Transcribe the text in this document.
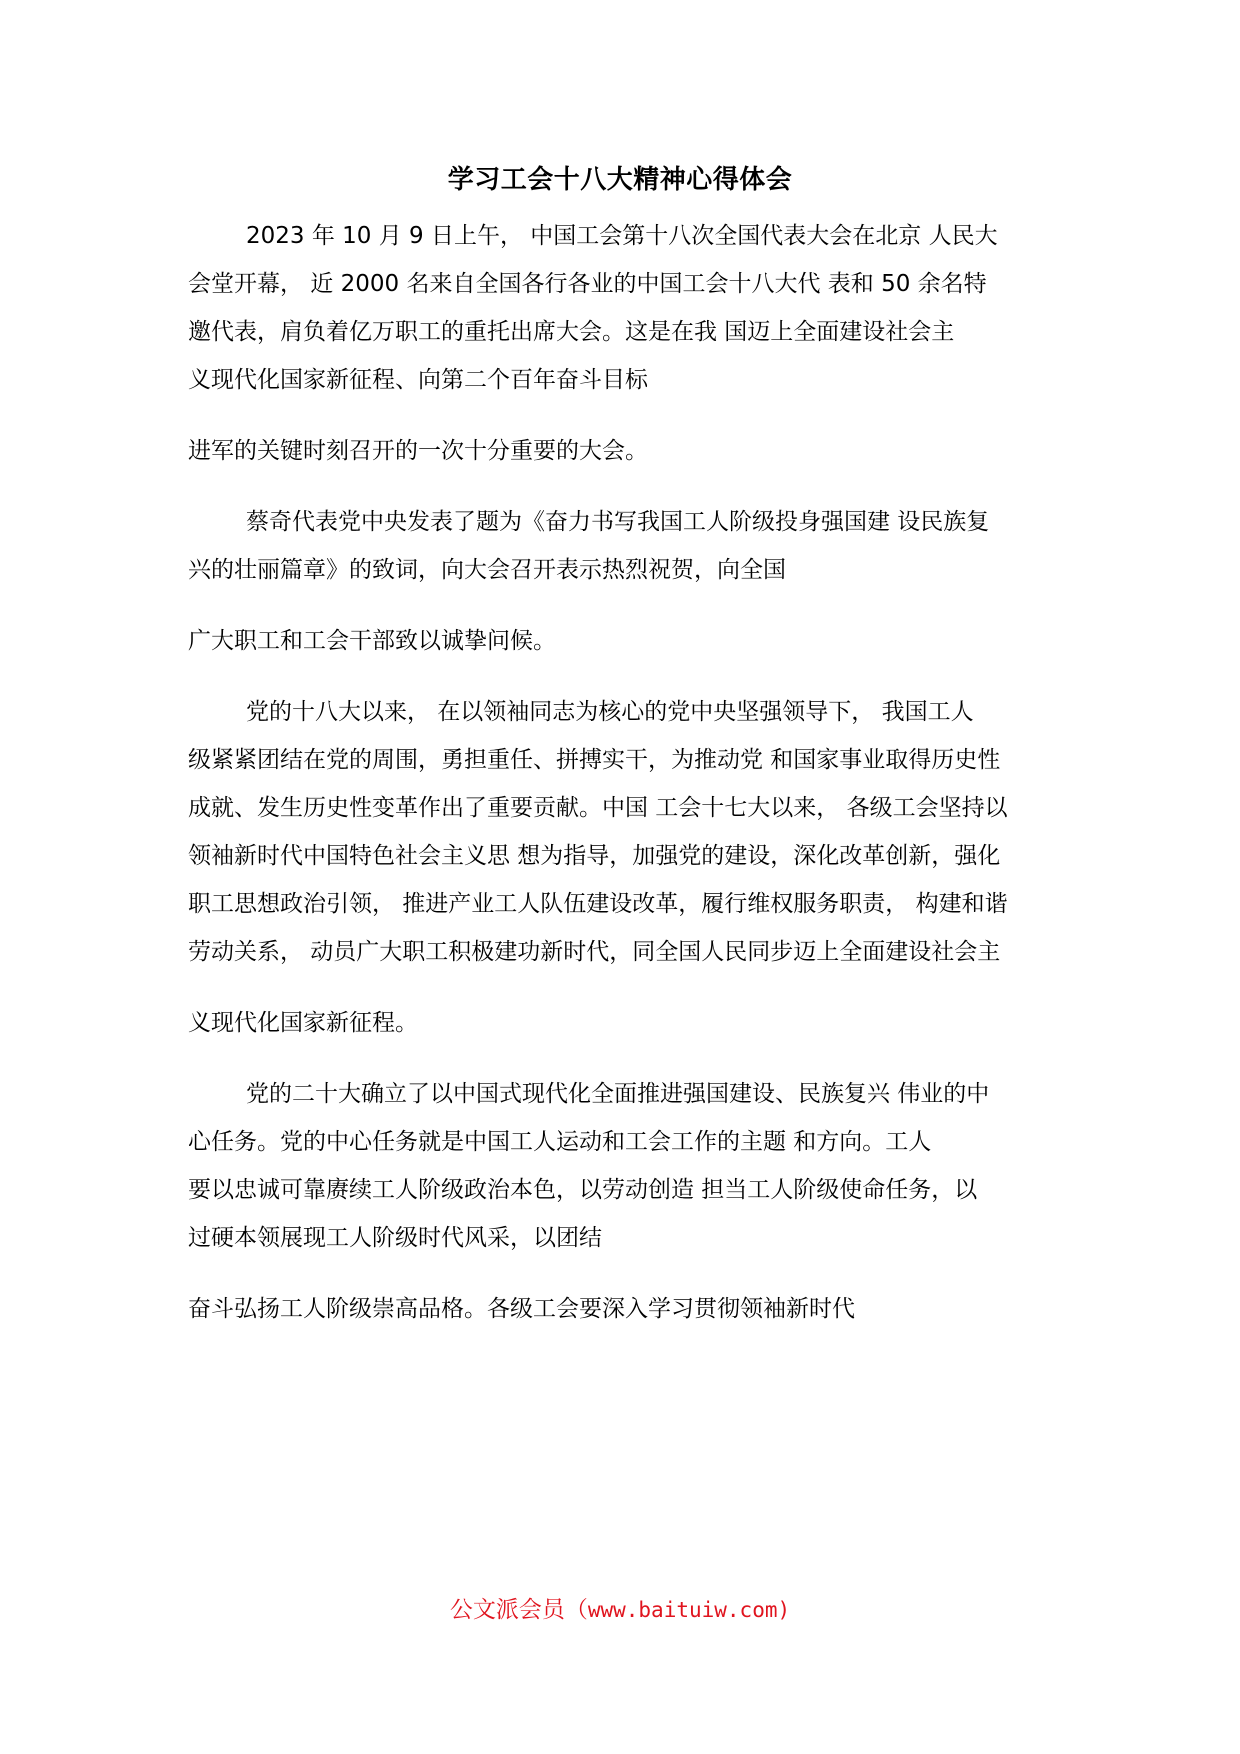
学习工会十八大精神心得体会
2023 年 10 月 9 日上午， 中国工会第十八次全国代表大会在北京 人民大
会堂开幕， 近 2000 名来自全国各行各业的中国工会十八大代 表和 50 余名特
邀代表，肩负着亿万职工的重托出席大会。这是在我 国迈上全面建设社会主
义现代化国家新征程、向第二个百年奋斗目标
进军的关键时刻召开的一次十分重要的大会。
蔡奇代表党中央发表了题为《奋力书写我国工人阶级投身强国建 设民族复
兴的壮丽篇章》的致词，向大会召开表示热烈祝贺，向全国
广大职工和工会干部致以诚挚问候。
党的十八大以来， 在以领袖同志为核心的党中央坚强领导下， 我国工人
级紧紧团结在党的周围，勇担重任、拼搏实干，为推动党 和国家事业取得历史性
成就、发生历史性变革作出了重要贡献。中国 工会十七大以来， 各级工会坚持以
领袖新时代中国特色社会主义思 想为指导，加强党的建设，深化改革创新，强化
职工思想政治引领， 推进产业工人队伍建设改革，履行维权服务职责， 构建和谐
劳动关系， 动员广大职工积极建功新时代，同全国人民同步迈上全面建设社会主
义现代化国家新征程。
党的二十大确立了以中国式现代化全面推进强国建设、民族复兴 伟业的中
心任务。党的中心任务就是中国工人运动和工会工作的主题 和方向。工人
要以忠诚可靠赓续工人阶级政治本色，以劳动创造 担当工人阶级使命任务，以
过硬本领展现工人阶级时代风采，以团结
奋斗弘扬工人阶级崇高品格。各级工会要深入学习贯彻领袖新时代
公文派会员（www.baituiw.com)
